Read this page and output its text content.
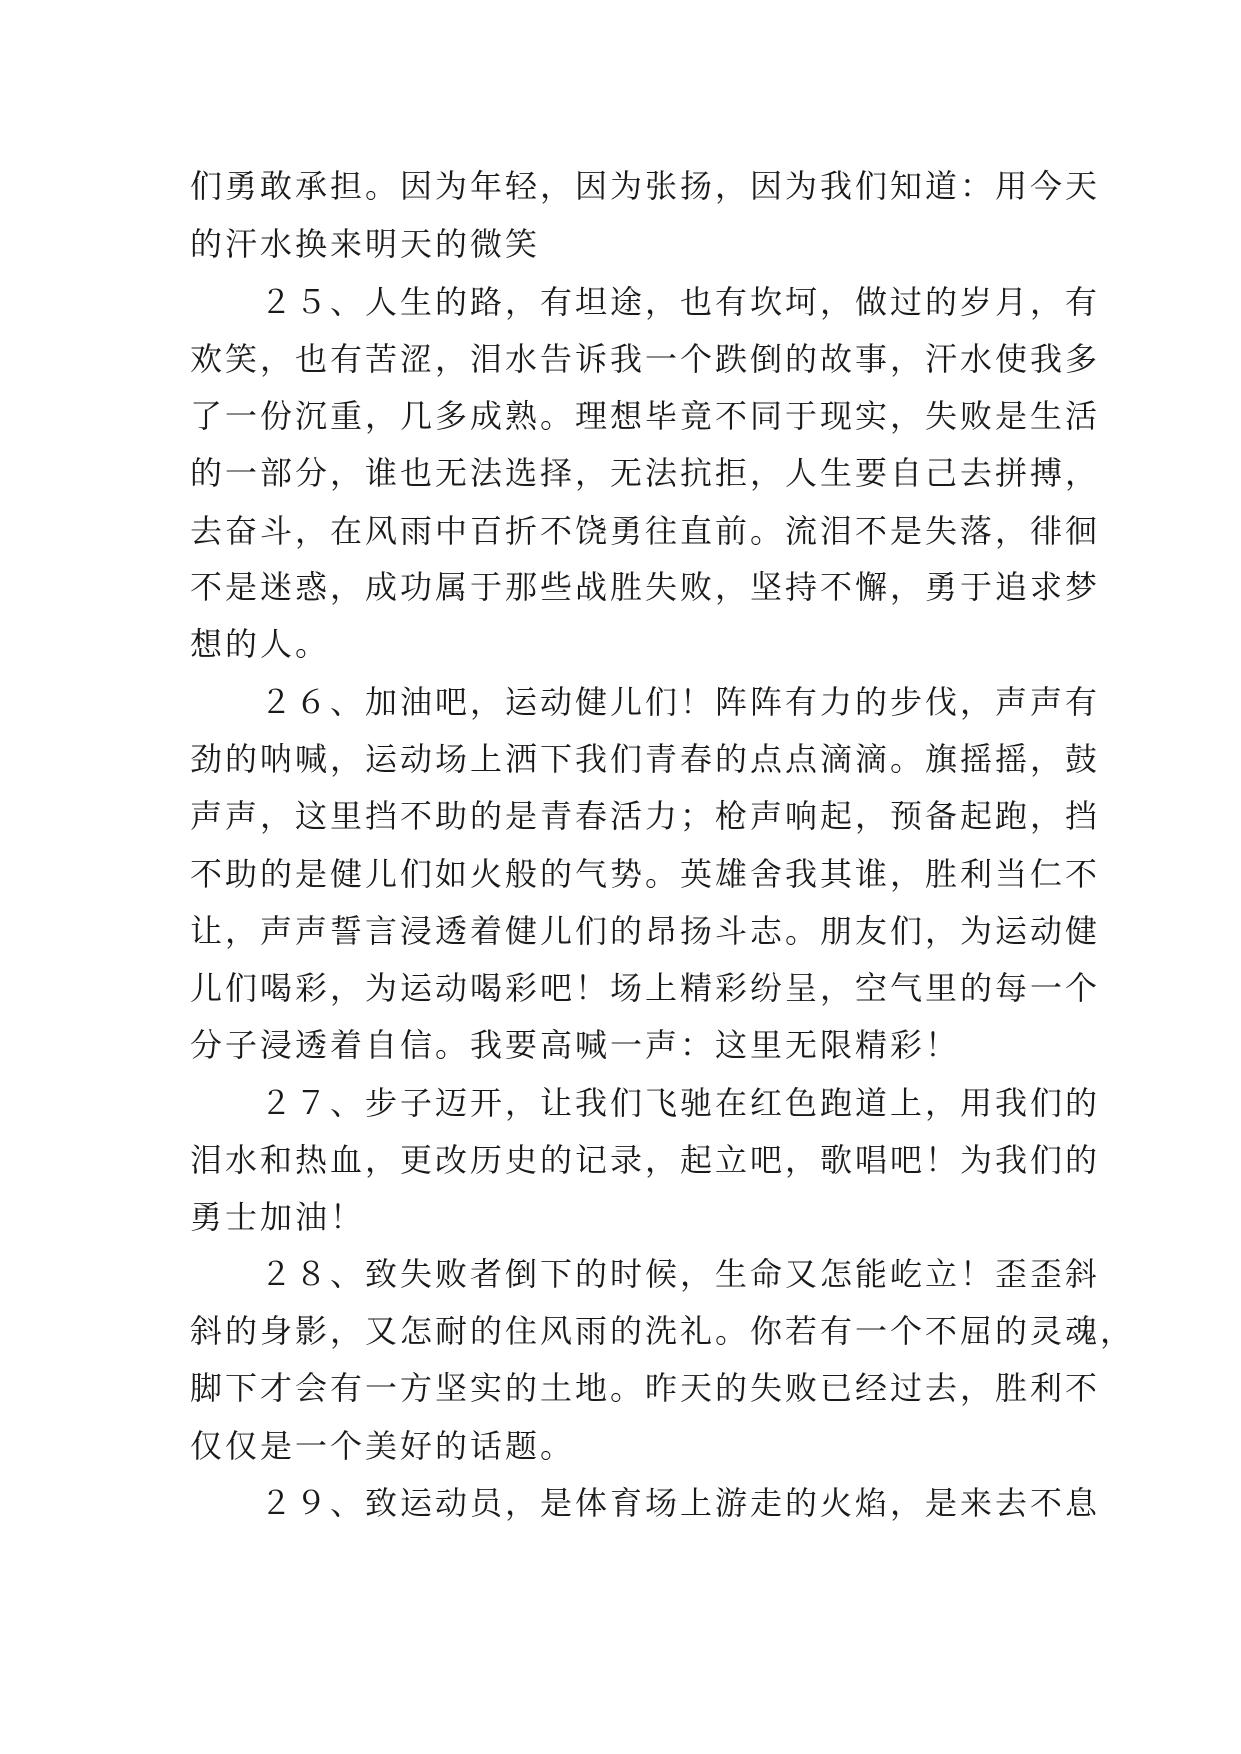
们勇敢承担。因为年轻，因为张扬，因为我们知道：用今天
的汗水换来明天的微笑
２５、人生的路，有坦途，也有坎坷，做过的岁月，有
欢笑，也有苦涩，泪水告诉我一个跌倒的故事，汗水使我多
了一份沉重，几多成熟。理想毕竟不同于现实，失败是生活
的一部分，谁也无法选择，无法抗拒，人生要自己去拼搏，
去奋斗，在风雨中百折不饶勇往直前。流泪不是失落，徘徊
不是迷惑，成功属于那些战胜失败，坚持不懈，勇于追求梦
想的人。
２６、加油吧，运动健儿们！阵阵有力的步伐，声声有
劲的呐喊，运动场上洒下我们青春的点点滴滴。旗摇摇，鼓
声声，这里挡不助的是青春活力；枪声响起，预备起跑，挡
不助的是健儿们如火般的气势。英雄舍我其谁，胜利当仁不
让，声声誓言浸透着健儿们的昂扬斗志。朋友们，为运动健
儿们喝彩，为运动喝彩吧！场上精彩纷呈，空气里的每一个
分子浸透着自信。我要高喊一声：这里无限精彩！
２７、步子迈开，让我们飞驰在红色跑道上，用我们的
泪水和热血，更改历史的记录，起立吧，歌唱吧！为我们的
勇士加油！
２８、致失败者倒下的时候，生命又怎能屹立！歪歪斜
斜的身影，又怎耐的住风雨的洗礼。你若有一个不屈的灵魂，
脚下才会有一方坚实的土地。昨天的失败已经过去，胜利不
仅仅是一个美好的话题。
２９、致运动员，是体育场上游走的火焰，是来去不息
